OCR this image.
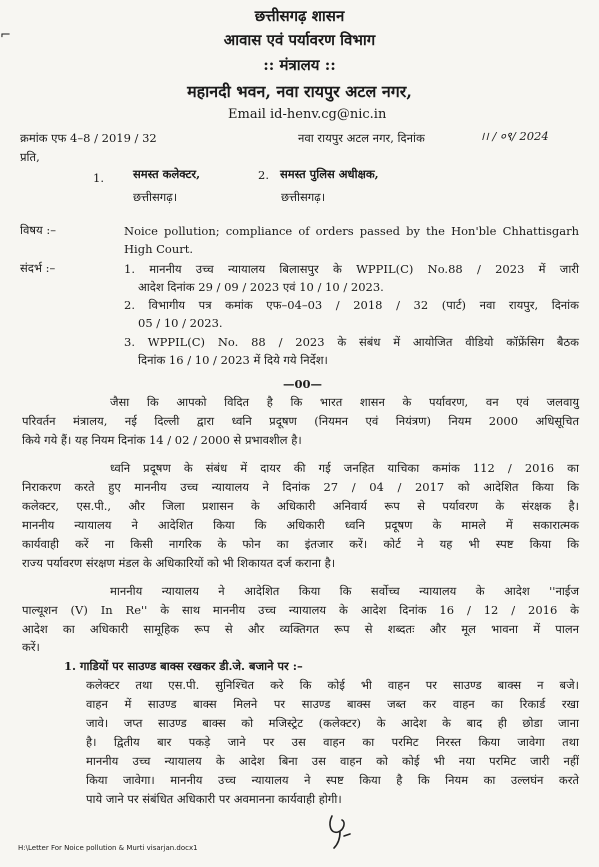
⌐
छत्तीसगढ़ शासन
आवास एवं पर्यावरण विभाग
:: मंत्रालय ::
महानदी भवन, नवा रायपुर अटल नगर,
Email id-henv.cg@nic.in
क्रमांक एफ 4–8 / 2019 / 32	नवा रायपुर अटल नगर, दिनांक	।। / ०९/ 2024
प्रति,
1.	समस्त कलेक्टर,
छत्तीसगढ़।
2. समस्त पुलिस अधीक्षक,
छत्तीसगढ़।
विषय :–	Noice pollution; compliance of orders passed by the Hon'ble Chhattisgarh
High Court.
संदर्भ :–	1. माननीय उच्च न्यायालय बिलासपुर के WPPIL(C) No.88 / 2023 में जारी
आदेश दिनांक 29 / 09 / 2023 एवं 10 / 10 / 2023.
2. विभागीय पत्र कमांक एफ–04–03 / 2018 / 32 (पार्ट) नवा रायपुर, दिनांक
05 / 10 / 2023.
3. WPPIL(C) No. 88 / 2023 के संबंध में आयोजित वीडियो कॉफ्रेंसिग बैठक
दिनांक 16 / 10 / 2023 में दिये गये निर्देश।
—00—
जैसा कि आपको विदित है कि भारत शासन के पर्यावरण, वन एवं जलवायु
परिवर्तन मंत्रालय, नई दिल्ली द्वारा ध्वनि प्रदूषण (नियमन एवं नियंत्रण) नियम 2000 अधिसूचित
किये गये हैं। यह नियम दिनांक 14 / 02 / 2000 से प्रभावशील है।
ध्वनि प्रदूषण के संबंध में दायर की गई जनहित याचिका कमांक 112 / 2016 का
निराकरण करते हुए माननीय उच्च न्यायालय ने दिनांक 27 / 04 / 2017 को आदेशित किया कि
कलेक्टर, एस.पी., और जिला प्रशासन के अधिकारी अनिवार्य रूप से पर्यावरण के संरक्षक है।
माननीय न्यायालय ने आदेशित किया कि अधिकारी ध्वनि प्रदूषण के मामले में सकारात्मक
कार्यवाही करें ना किसी नागरिक के फोन का इंतजार करें। कोर्ट ने यह भी स्पष्ट किया कि
राज्य पर्यावरण संरक्षण मंडल के अधिकारियों को भी शिकायत दर्ज कराना है।
माननीय न्यायालय ने आदेशित किया कि सर्वोच्च न्यायालय के आदेश ''नाईज
पाल्यूशन (V) In Re'' के साथ माननीय उच्च न्यायालय के आदेश दिनांक 16 / 12 / 2016 के
आदेश का अधिकारी सामूहिक रूप से और व्यक्तिगत रूप से शब्दतः और मूल भावना में पालन
करें।
1. गाडियों पर साउण्ड बाक्स रखकर डी.जे. बजाने पर :–
कलेक्टर तथा एस.पी. सुनिश्चित करे कि कोई भी वाहन पर साउण्ड बाक्स न बजे।
वाहन में साउण्ड बाक्स मिलने पर साउण्ड बाक्स जब्त कर वाहन का रिकार्ड रखा
जावे। जप्त साउण्ड बाक्स को मजिस्ट्रेट (कलेक्टर) के आदेश के बाद ही छोडा जाना
है। द्वितीय बार पकड़े जाने पर उस वाहन का परमिट निरस्त किया जावेगा तथा
माननीय उच्च न्यायालय के आदेश बिना उस वाहन को कोई भी नया परमिट जारी नहीं
किया जावेगा। माननीय उच्च न्यायालय ने स्पष्ट किया है कि नियम का उल्लघंन करते
पाये जाने पर संबंधित अधिकारी पर अवमानना कार्यवाही होगी।
H:\Letter For Noice pollution & Murti visarjan.docx1
